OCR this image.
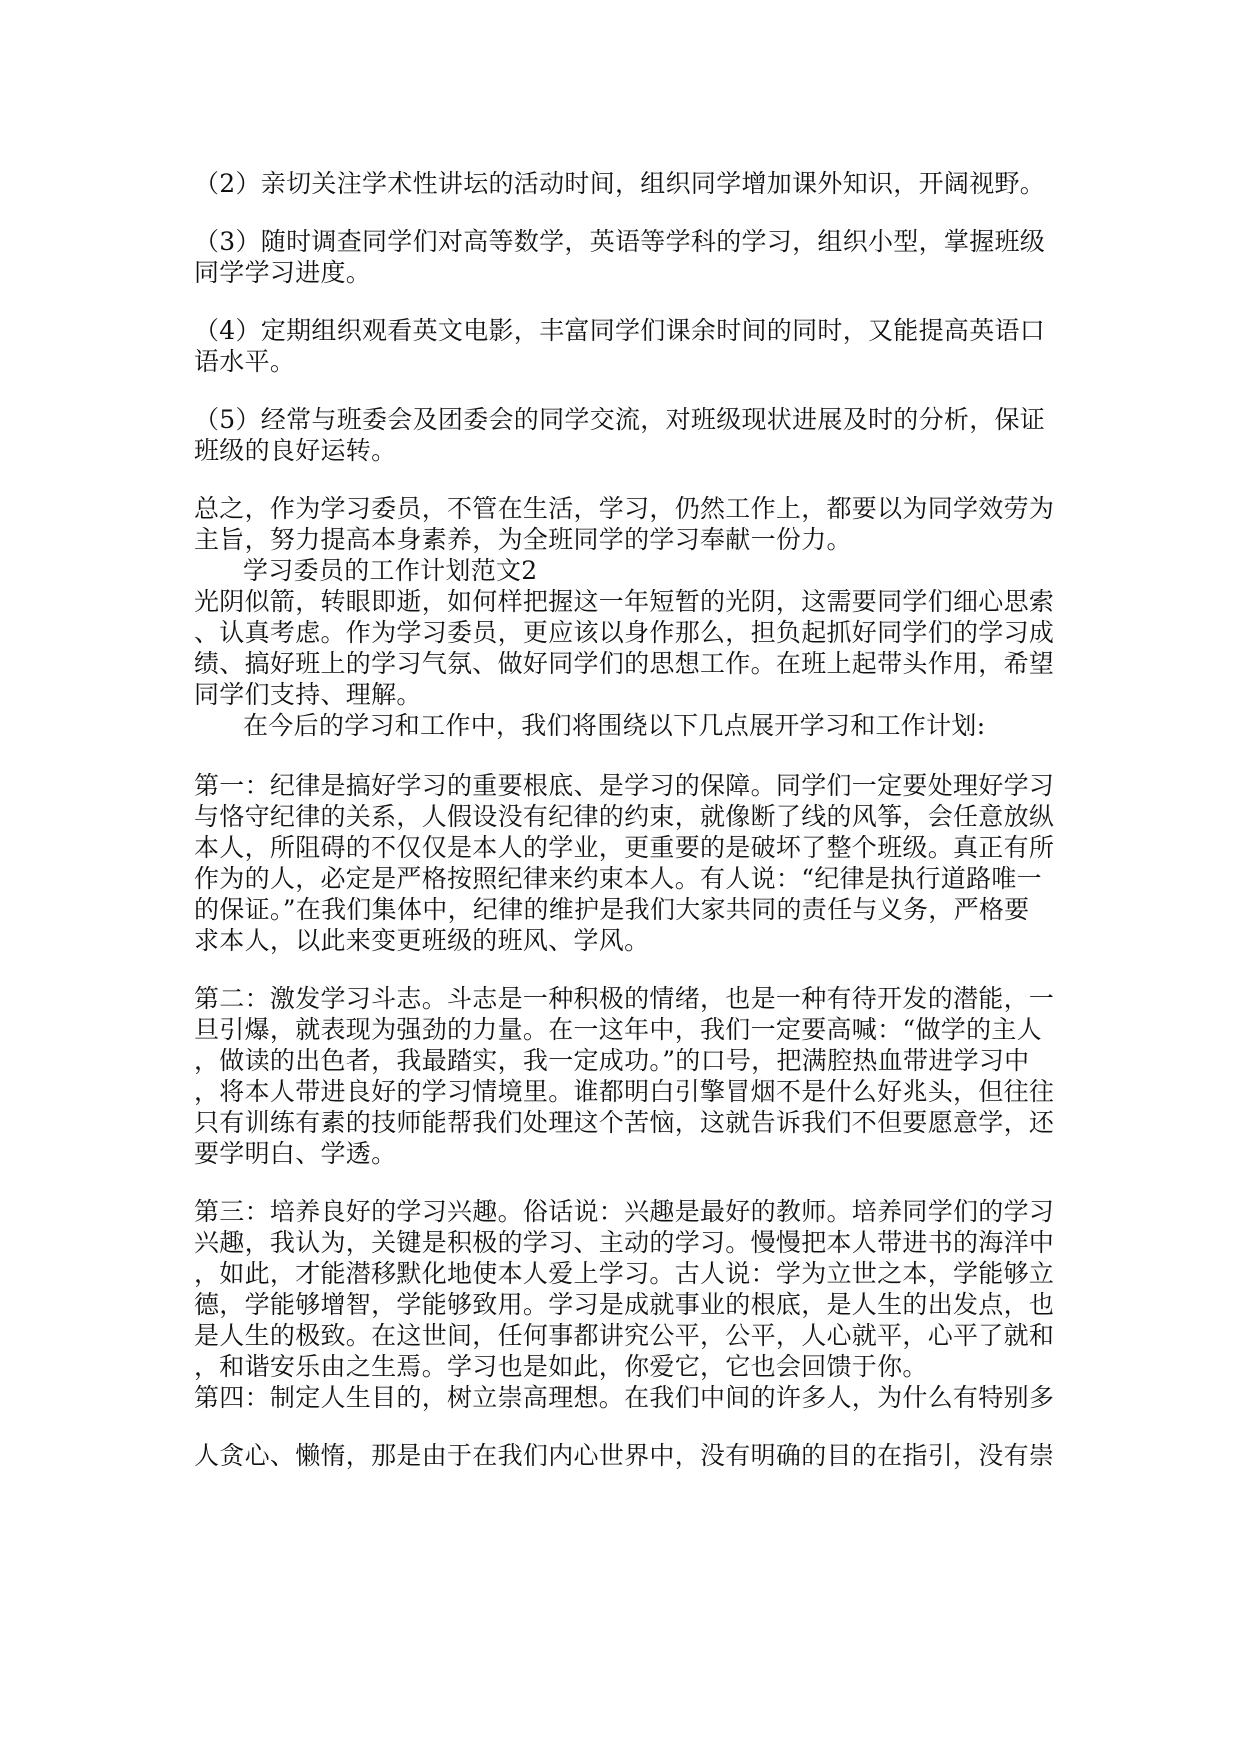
（2）亲切关注学术性讲坛的活动时间，组织同学增加课外知识，开阔视野。
（3）随时调查同学们对高等数学，英语等学科的学习，组织小型，掌握班级
同学学习进度。
（4）定期组织观看英文电影，丰富同学们课余时间的同时，又能提高英语口
语水平。
（5）经常与班委会及团委会的同学交流，对班级现状进展及时的分析，保证
班级的良好运转。
总之，作为学习委员，不管在生活，学习，仍然工作上，都要以为同学效劳为
主旨，努力提高本身素养，为全班同学的学习奉献一份力。
学习委员的工作计划范文2
光阴似箭，转眼即逝，如何样把握这一年短暂的光阴，这需要同学们细心思索
、认真考虑。作为学习委员，更应该以身作那么，担负起抓好同学们的学习成
绩、搞好班上的学习气氛、做好同学们的思想工作。在班上起带头作用，希望
同学们支持、理解。
在今后的学习和工作中，我们将围绕以下几点展开学习和工作计划:
第一：纪律是搞好学习的重要根底、是学习的保障。同学们一定要处理好学习
与恪守纪律的关系，人假设没有纪律的约束，就像断了线的风筝，会任意放纵
本人，所阻碍的不仅仅是本人的学业，更重要的是破坏了整个班级。真正有所
作为的人，必定是严格按照纪律来约束本人。有人说：“纪律是执行道路唯一
的保证。”在我们集体中，纪律的维护是我们大家共同的责任与义务，严格要
求本人，以此来变更班级的班风、学风。
第二：激发学习斗志。斗志是一种积极的情绪，也是一种有待开发的潜能，一
旦引爆，就表现为强劲的力量。在一这年中，我们一定要高喊：“做学的主人
，做读的出色者，我最踏实，我一定成功。”的口号，把满腔热血带进学习中
，将本人带进良好的学习情境里。谁都明白引擎冒烟不是什么好兆头，但往往
只有训练有素的技师能帮我们处理这个苦恼，这就告诉我们不但要愿意学，还
要学明白、学透。
第三：培养良好的学习兴趣。俗话说：兴趣是最好的教师。培养同学们的学习
兴趣，我认为，关键是积极的学习、主动的学习。慢慢把本人带进书的海洋中
，如此，才能潜移默化地使本人爱上学习。古人说：学为立世之本，学能够立
德，学能够增智，学能够致用。学习是成就事业的根底，是人生的出发点，也
是人生的极致。在这世间，任何事都讲究公平，公平，人心就平，心平了就和
，和谐安乐由之生焉。学习也是如此，你爱它，它也会回馈于你。
第四：制定人生目的，树立崇高理想。在我们中间的许多人，为什么有特别多
人贪心、懒惰，那是由于在我们内心世界中，没有明确的目的在指引，没有崇
